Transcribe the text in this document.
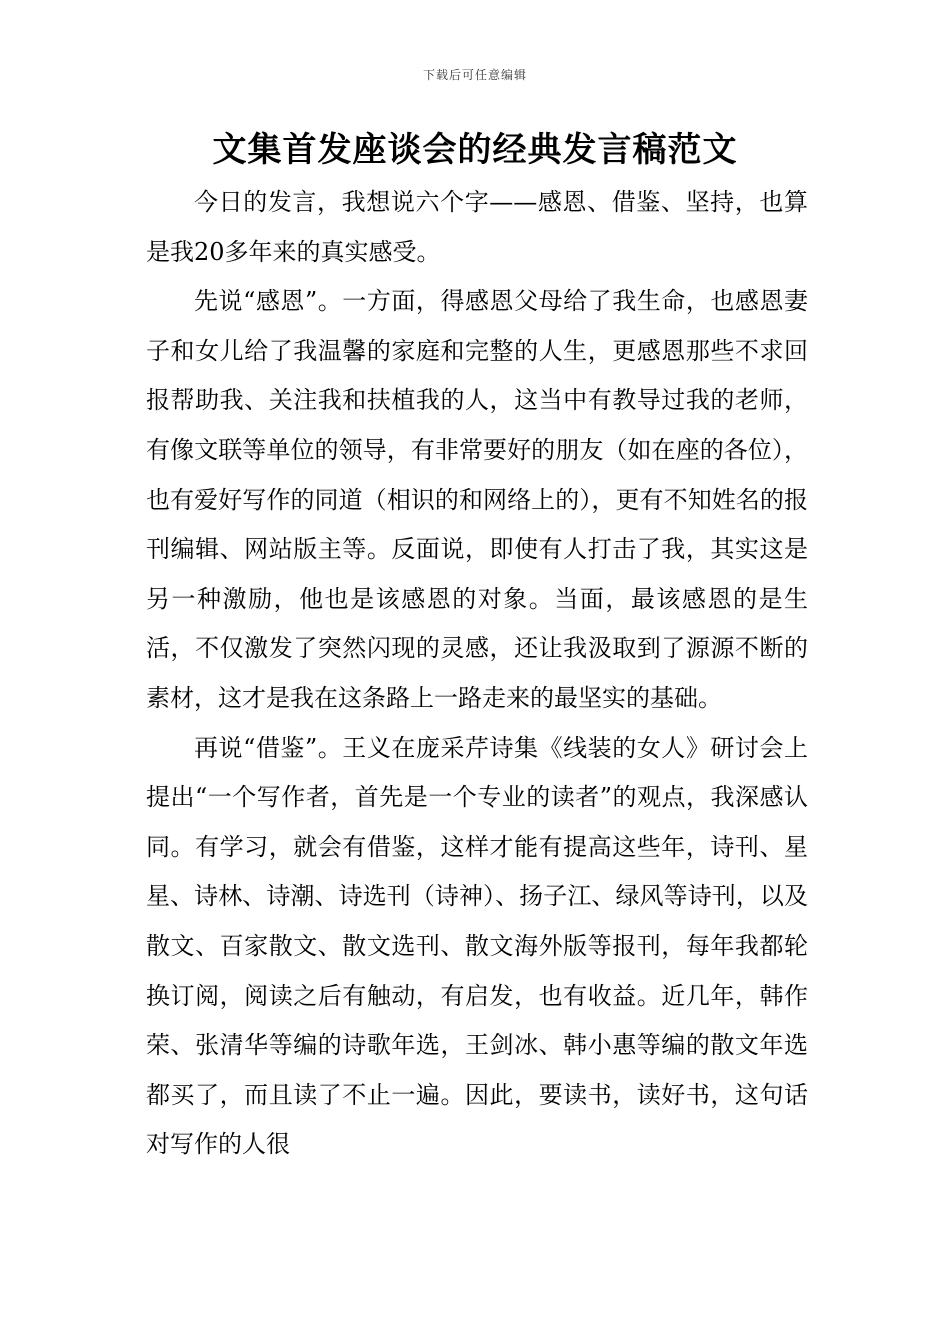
下载后可任意编辑
文集首发座谈会的经典发言稿范文

今日的发言，我想说六个字——感恩、借鉴、坚持，也算是我20多年来的真实感受。

先说“感恩”。一方面，得感恩父母给了我生命，也感恩妻子和女儿给了我温馨的家庭和完整的人生，更感恩那些不求回报帮助我、关注我和扶植我的人，这当中有教导过我的老师，有像文联等单位的领导，有非常要好的朋友（如在座的各位），也有爱好写作的同道（相识的和网络上的），更有不知姓名的报刊编辑、网站版主等。反面说，即使有人打击了我，其实这是另一种激励，他也是该感恩的对象。当面，最该感恩的是生活，不仅激发了突然闪现的灵感，还让我汲取到了源源不断的素材，这才是我在这条路上一路走来的最坚实的基础。

再说“借鉴”。王义在庞采芹诗集《线装的女人》研讨会上提出“一个写作者，首先是一个专业的读者”的观点，我深感认同。有学习，就会有借鉴，这样才能有提高这些年，诗刊、星星、诗林、诗潮、诗选刊（诗神）、扬子江、绿风等诗刊，以及散文、百家散文、散文选刊、散文海外版等报刊，每年我都轮换订阅，阅读之后有触动，有启发，也有收益。近几年，韩作荣、张清华等编的诗歌年选，王剑冰、韩小惠等编的散文年选都买了，而且读了不止一遍。因此，要读书，读好书，这句话对写作的人很
